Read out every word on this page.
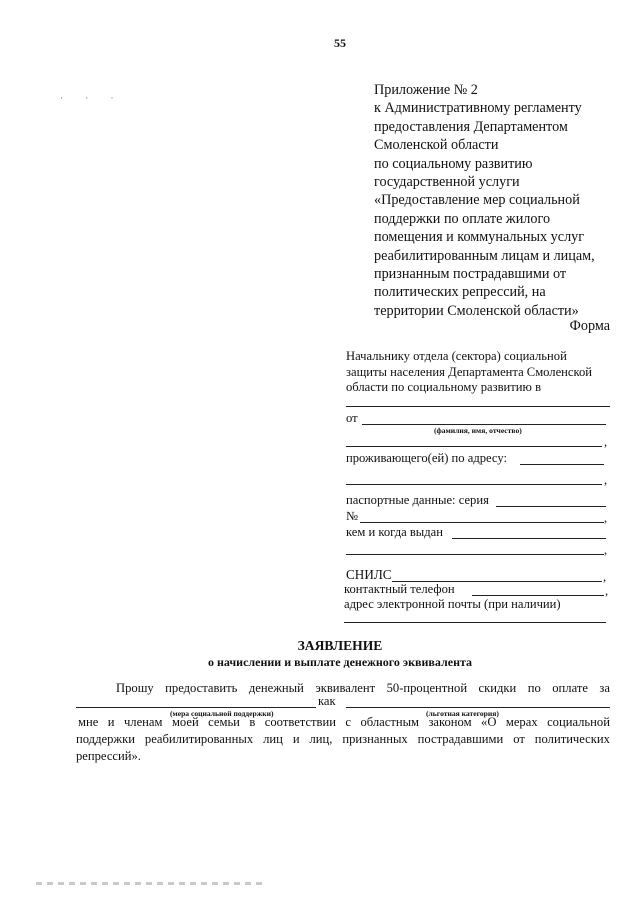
55
· · ·	Приложение № 2
к Административному регламенту
предоставления Департаментом
Смоленской области
по социальному развитию
государственной услуги
«Предоставление мер социальной
поддержки по оплате жилого
помещения и коммунальных услуг
реабилитированным лицам и лицам,
признанным пострадавшими от
политических репрессий, на
территории Смоленской области»
Форма
Начальнику отдела (сектора) социальной
защиты населения Департамента Смоленской
области по социальному развитию в
от
(фамилия, имя, отчество)
,
проживающего(ей) по адресу:
,
паспортные данные: серия
№	,
кем и когда выдан
,
СНИЛС	,
контактный телефон	,
адрес электронной почты (при наличии)
ЗАЯВЛЕНИЕ
о начислении и выплате денежного эквивалента
Прошу предоставить денежный эквивалент 50-процентной скидки по оплате за
как
(мера социальной поддержки)	(льготная категория)
мне и членам моей семьи в соответствии с областным законом «О мерах социальной
поддержки реабилитированных лиц и лиц, признанных пострадавшими от политических
репрессий».
